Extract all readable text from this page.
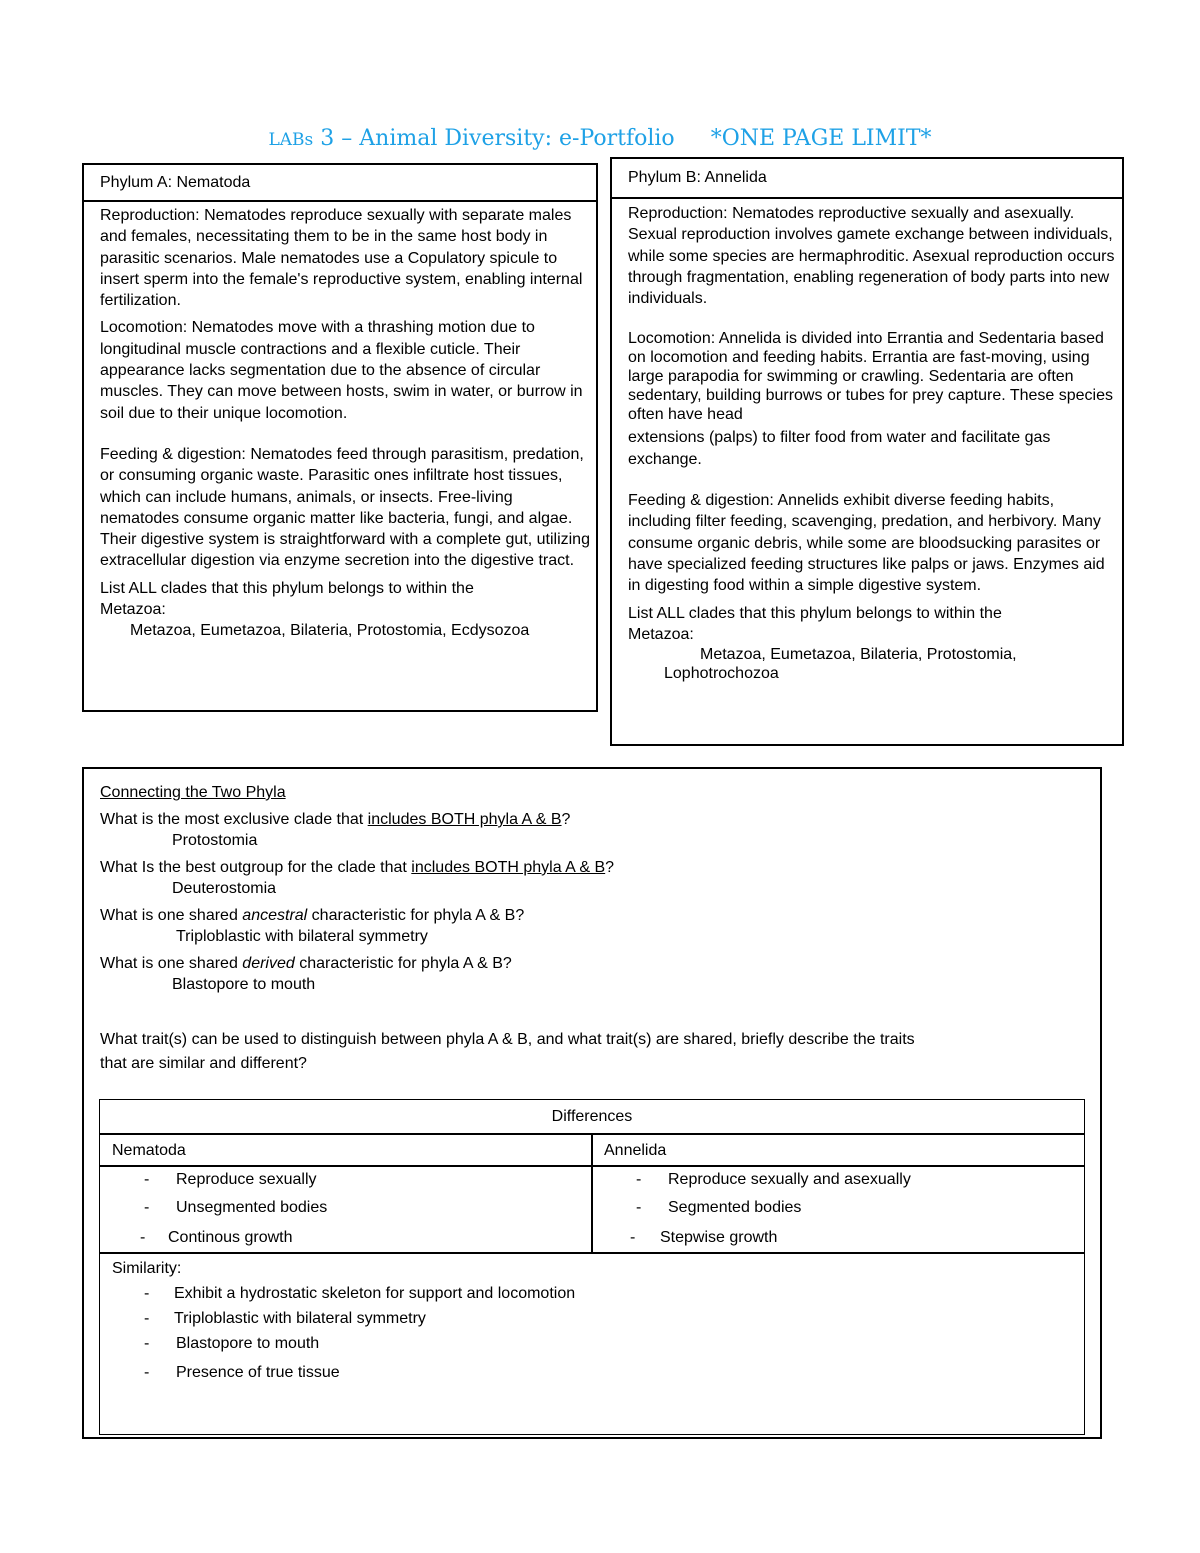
LABs 3 – Animal Diversity: e-Portfolio *ONE PAGE LIMIT*
Phylum A: Nematoda

Reproduction: Nematodes reproduce sexually with separate males and females, necessitating them to be in the same host body in parasitic scenarios. Male nematodes use a Copulatory spicule to insert sperm into the female's reproductive system, enabling internal fertilization.

Locomotion: Nematodes move with a thrashing motion due to longitudinal muscle contractions and a flexible cuticle. Their appearance lacks segmentation due to the absence of circular muscles. They can move between hosts, swim in water, or burrow in soil due to their unique locomotion.

Feeding & digestion: Nematodes feed through parasitism, predation, or consuming organic waste. Parasitic ones infiltrate host tissues, which can include humans, animals, or insects. Free-living nematodes consume organic matter like bacteria, fungi, and algae. Their digestive system is straightforward with a complete gut, utilizing extracellular digestion via enzyme secretion into the digestive tract.

List ALL clades that this phylum belongs to within the Metazoa:

Metazoa, Eumetazoa, Bilateria, Protostomia, Ecdysozoa

Phylum B: Annelida

Reproduction: Nematodes reproductive sexually and asexually. Sexual reproduction involves gamete exchange between individuals, while some species are hermaphroditic. Asexual reproduction occurs through fragmentation, enabling regeneration of body parts into new individuals.

Locomotion: Annelida is divided into Errantia and Sedentaria based on locomotion and feeding habits. Errantia are fast-moving, using large parapodia for swimming or crawling. Sedentaria are often sedentary, building burrows or tubes for prey capture. These species often have head

extensions (palps) to filter food from water and facilitate gas exchange.

Feeding & digestion: Annelids exhibit diverse feeding habits, including filter feeding, scavenging, predation, and herbivory. Many consume organic debris, while some are bloodsucking parasites or have specialized feeding structures like palps or jaws. Enzymes aid in digesting food within a simple digestive system.

List ALL clades that this phylum belongs to within the Metazoa:

Metazoa, Eumetazoa, Bilateria, Protostomia,

Lophotrochozoa

Connecting the Two Phyla

What is the most exclusive clade that includes BOTH phyla A & B?

Protostomia

What Is the best outgroup for the clade that includes BOTH phyla A & B?

Deuterostomia

What is one shared ancestral characteristic for phyla A & B?

Triploblastic with bilateral symmetry

What is one shared derived characteristic for phyla A & B?

Blastopore to mouth

What trait(s) can be used to distinguish between phyla A & B, and what trait(s) are shared, briefly describe the traits

that are similar and different?

Differences
Nematoda	Annelida
- Reproduce sexually
- Unsegmented bodies
- Continous growth
- Reproduce sexually and asexually
- Segmented bodies
- Stepwise growth
Similarity:
- Exhibit a hydrostatic skeleton for support and locomotion
- Triploblastic with bilateral symmetry
- Blastopore to mouth
- Presence of true tissue
